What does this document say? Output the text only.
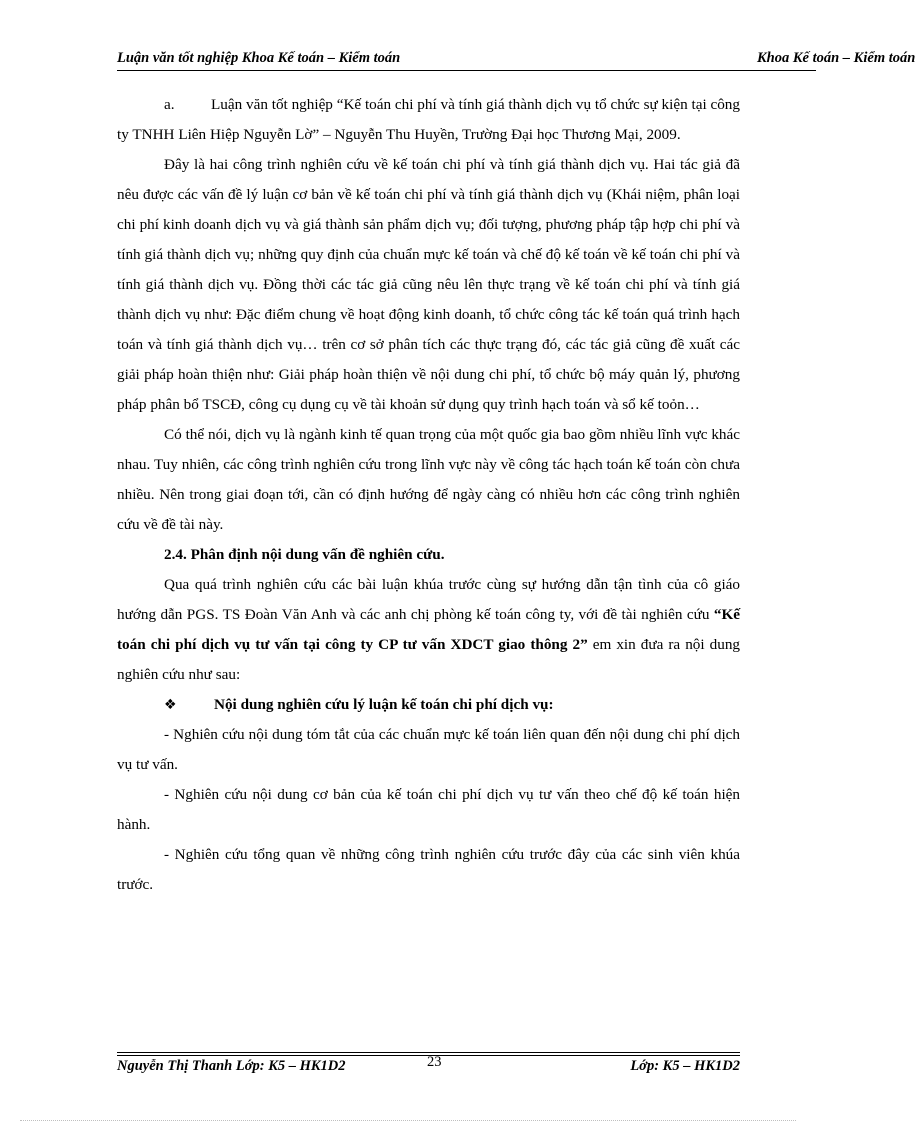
Luận văn tốt nghiệp Khoa Kế toán – Kiểm toán	Khoa Kế toán – Kiểm toán

a. Luận văn tốt nghiệp “Kế toán chi phí và tính giá thành dịch vụ tổ chức sự kiện tại công ty TNHH Liên Hiệp Nguyễn Lờ” – Nguyễn Thu Huyền, Trường Đại học Thương Mại, 2009.

Đây là hai công trình nghiên cứu về kế toán chi phí và tính giá thành dịch vụ. Hai tác giả đã nêu được các vấn đề lý luận cơ bản về kế toán chi phí và tính giá thành dịch vụ (Khái niệm, phân loại chi phí kinh doanh dịch vụ và giá thành sản phẩm dịch vụ; đối tượng, phương pháp tập hợp chi phí và tính giá thành dịch vụ; những quy định của chuẩn mực kế toán và chế độ kế toán về kế toán chi phí và tính giá thành dịch vụ. Đồng thời các tác giả cũng nêu lên thực trạng về kế toán chi phí và tính giá thành dịch vụ như: Đặc điểm chung về hoạt động kinh doanh, tổ chức công tác kế toán quá trình hạch toán và tính giá thành dịch vụ… trên cơ sở phân tích các thực trạng đó, các tác giả cũng đề xuất các giải pháp hoàn thiện như: Giải pháp hoàn thiện về nội dung chi phí, tổ chức bộ máy quản lý, phương pháp phân bổ TSCĐ, công cụ dụng cụ về tài khoản sử dụng quy trình hạch toán và sổ kế toỏn…

Có thể nói, dịch vụ là ngành kinh tế quan trọng của một quốc gia bao gồm nhiều lĩnh vực khác nhau. Tuy nhiên, các công trình nghiên cứu trong lĩnh vực này về công tác hạch toán kế toán còn chưa nhiều. Nên trong giai đoạn tới, cần có định hướng để ngày càng có nhiều hơn các công trình nghiên cứu về đề tài này.

2.4. Phân định nội dung vấn đề nghiên cứu.

Qua quá trình nghiên cứu các bài luận khúa trước cùng sự hướng dẫn tận tình của cô giáo hướng dẫn PGS. TS Đoàn Văn Anh và các anh chị phòng kế toán công ty, với đề tài nghiên cứu “Kế toán chi phí dịch vụ tư vấn tại công ty CP tư vấn XDCT giao thông 2” em xin đưa ra nội dung nghiên cứu như sau:

❖ Nội dung nghiên cứu lý luận kế toán chi phí dịch vụ:

- Nghiên cứu nội dung tóm tắt của các chuẩn mực kế toán liên quan đến nội dung chi phí dịch vụ tư vấn.

- Nghiên cứu nội dung cơ bản của kế toán chi phí dịch vụ tư vấn theo chế độ kế toán hiện hành.

- Nghiên cứu tổng quan về những công trình nghiên cứu trước đây của các sinh viên khúa trước.

Nguyễn Thị Thanh Lớp: K5 – HK1D2	23	Lớp: K5 – HK1D2
